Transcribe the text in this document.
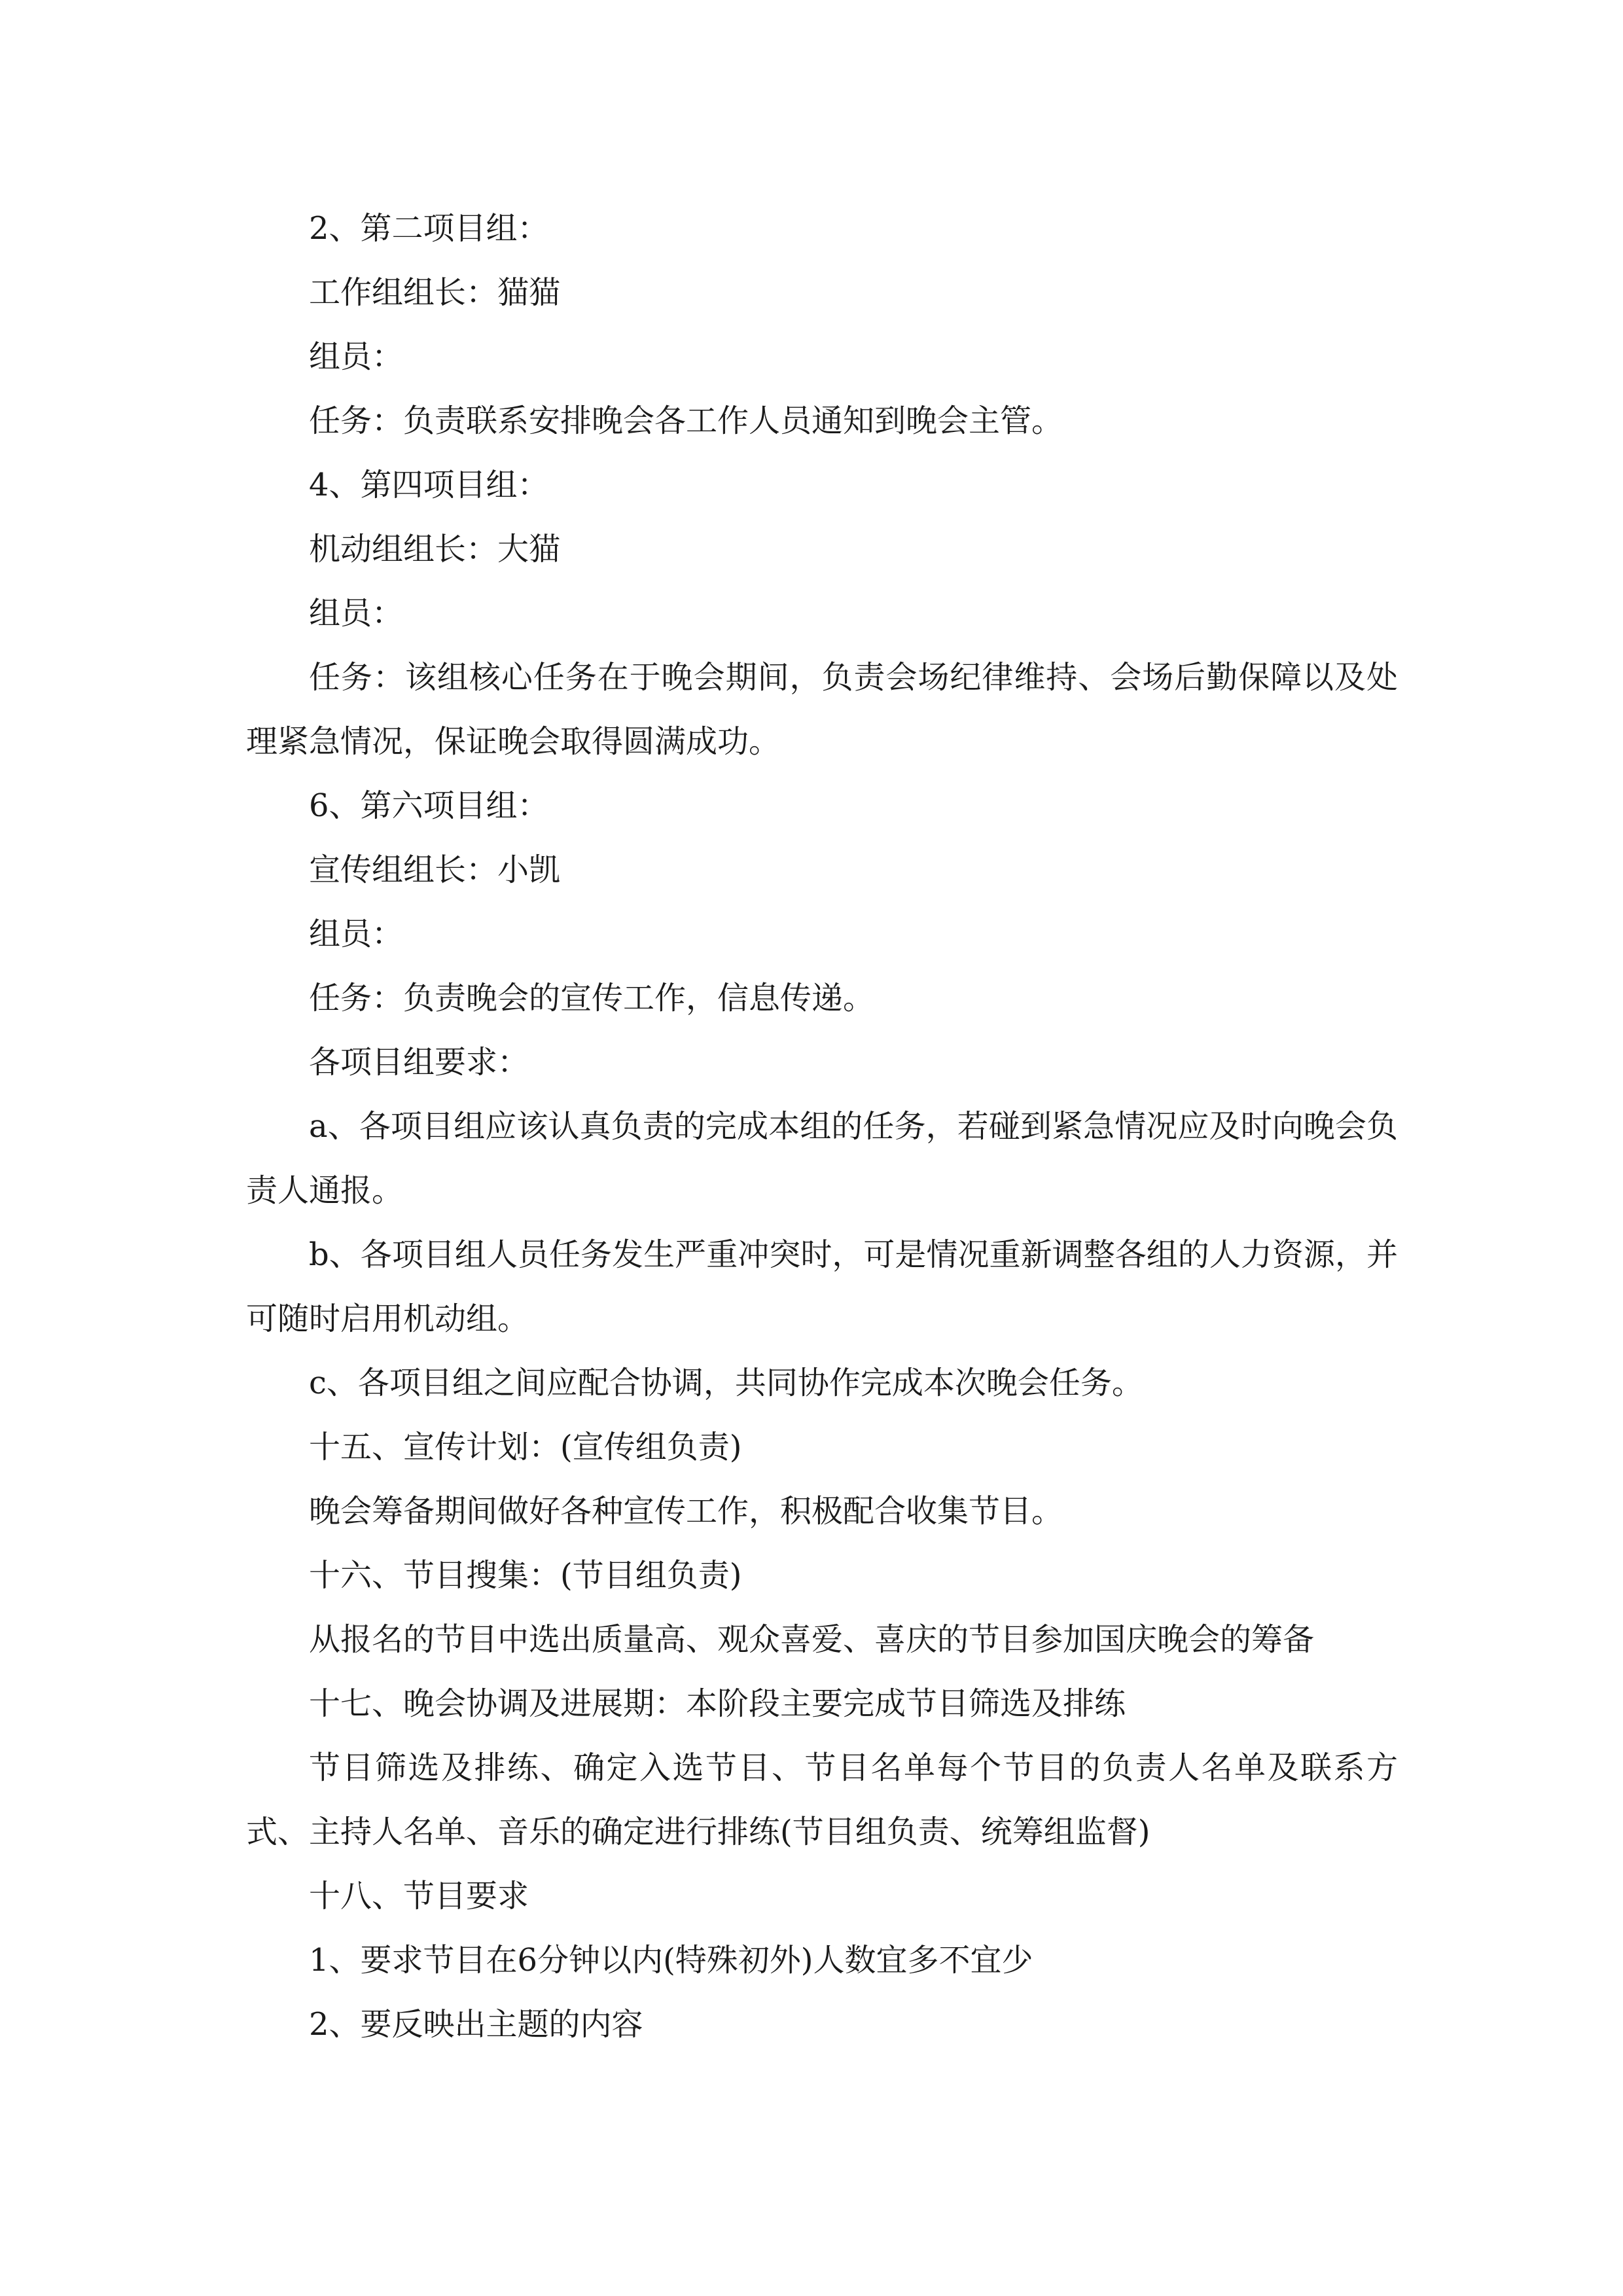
2、第二项目组：

工作组组长：猫猫

组员：

任务：负责联系安排晚会各工作人员通知到晚会主管。

4、第四项目组：

机动组组长：大猫

组员：

任务：该组核心任务在于晚会期间，负责会场纪律维持、会场后勤保障以及处理紧急情况，保证晚会取得圆满成功。

6、第六项目组：

宣传组组长：小凯

组员：

任务：负责晚会的宣传工作，信息传递。

各项目组要求：

a、各项目组应该认真负责的完成本组的任务，若碰到紧急情况应及时向晚会负责人通报。

b、各项目组人员任务发生严重冲突时，可是情况重新调整各组的人力资源，并可随时启用机动组。

c、各项目组之间应配合协调，共同协作完成本次晚会任务。

十五、宣传计划：(宣传组负责)

晚会筹备期间做好各种宣传工作，积极配合收集节目。

十六、节目搜集：(节目组负责)

从报名的节目中选出质量高、观众喜爱、喜庆的节目参加国庆晚会的筹备

十七、晚会协调及进展期：本阶段主要完成节目筛选及排练

节目筛选及排练、确定入选节目、节目名单每个节目的负责人名单及联系方式、主持人名单、音乐的确定进行排练(节目组负责、统筹组监督)

十八、节目要求

1、要求节目在6分钟以内(特殊初外)人数宜多不宜少

2、要反映出主题的内容
